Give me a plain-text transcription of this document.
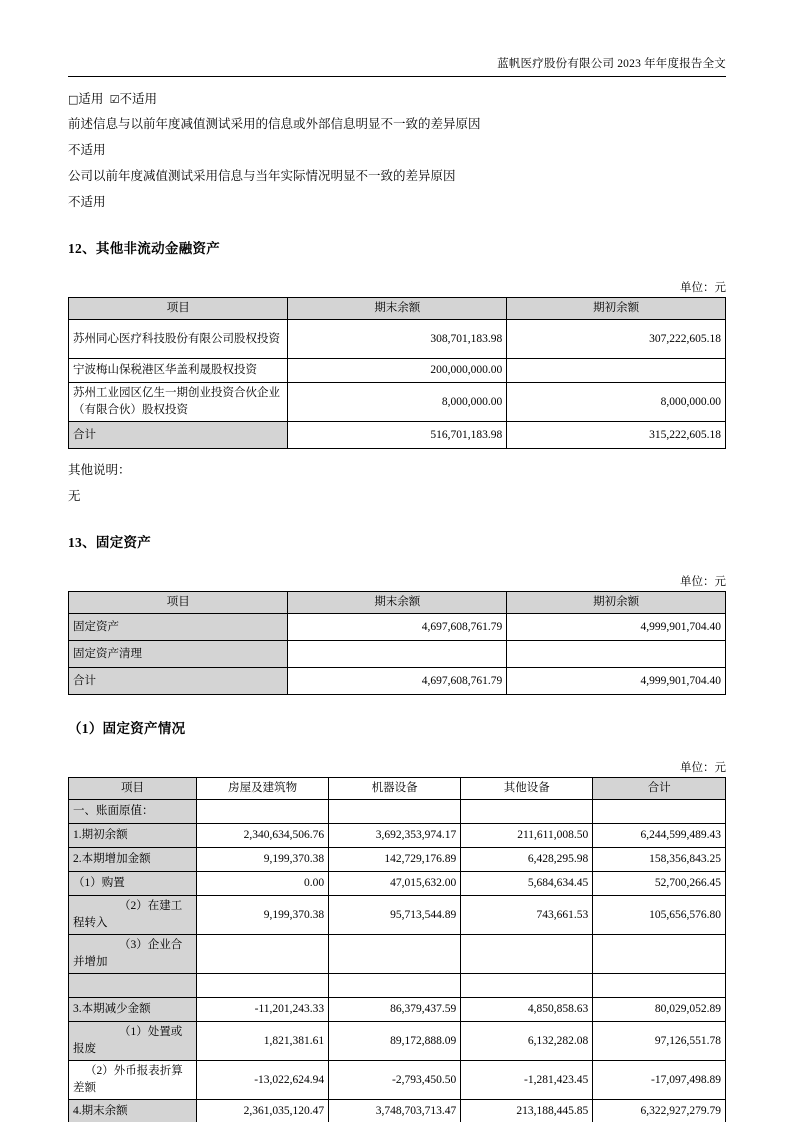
蓝帆医疗股份有限公司 2023 年年度报告全文
□适用 ☑不适用

前述信息与以前年度减值测试采用的信息或外部信息明显不一致的差异原因

不适用

公司以前年度减值测试采用信息与当年实际情况明显不一致的差异原因

不适用

12、其他非流动金融资产
单位：元
项目	期末余额	期初余额
苏州同心医疗科技股份有限公司股权投资	308,701,183.98	307,222,605.18
宁波梅山保税港区华盖利晟股权投资	200,000,000.00	
苏州工业园区亿生一期创业投资合伙企业（有限合伙）股权投资	8,000,000.00	8,000,000.00
合计	516,701,183.98	315,222,605.18

其他说明：

无

13、固定资产
单位：元
项目	期末余额	期初余额
固定资产	4,697,608,761.79	4,999,901,704.40
固定资产清理		
合计	4,697,608,761.79	4,999,901,704.40
（1）固定资产情况
单位：元
项目	房屋及建筑物	机器设备	其他设备	合计
一、账面原值：				
1.期初余额	2,340,634,506.76	3,692,353,974.17	211,611,008.50	6,244,599,489.43
2.本期增加金额	9,199,370.38	142,729,176.89	6,428,295.98	158,356,843.25
（1）购置	0.00	47,015,632.00	5,684,634.45	52,700,266.45
（2）在建工程转入	9,199,370.38	95,713,544.89	743,661.53	105,656,576.80
（3）企业合并增加				

3.本期减少金额	-11,201,243.33	86,379,437.59	4,850,858.63	80,029,052.89
（1）处置或报废	1,821,381.61	89,172,888.09	6,132,282.08	97,126,551.78
（2）外币报表折算差额	-13,022,624.94	-2,793,450.50	-1,281,423.45	-17,097,498.89
4.期末余额	2,361,035,120.47	3,748,703,713.47	213,188,445.85	6,322,927,279.79
